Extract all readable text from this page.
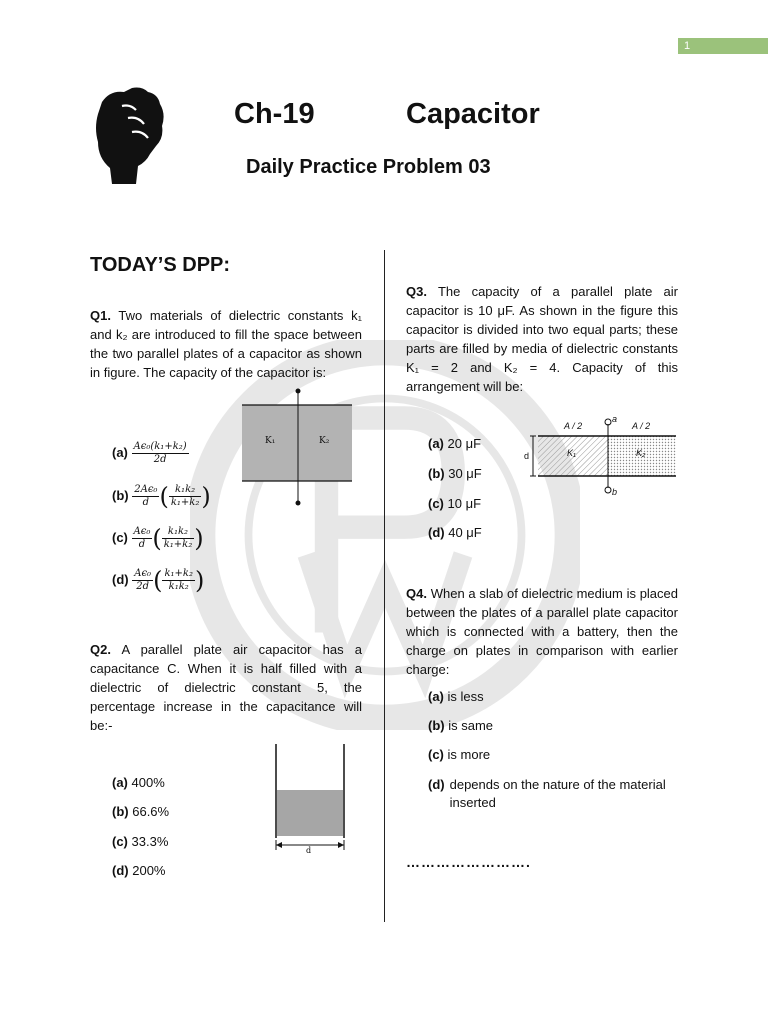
1
Ch-19	Capacitor
Daily Practice Problem 03
TODAY’S DPP:
Q1. Two materials of dielectric constants k₁ and k₂ are introduced to fill the space between the two parallel plates of a capacitor as shown in figure. The capacity of the capacitor is:
K₁	K₂
$(a) \frac{\text{Aϵ₀(k₁+k₂)}}{2d}$
$(b) \frac{\text{2Aϵ₀}}{d}$ ( $\frac{\text{k₁k₂}}{\text{k₁+k₂}}$ )
$(c) \frac{\text{Aϵ₀}}{d}$ ( $\frac{\text{k₁k₂}}{\text{k₁+k₂}}$ )
$(d) \frac{\text{Aϵ₀}}{2d}$ ( $\frac{\text{k₁+k₂}}{\text{k₁k₂}}$ )
Q2. A parallel plate air capacitor has a capacitance C. When it is half filled with a dielectric of dielectric constant 5, the percentage increase in the capacitance will be:-
d
(a) 400%
(b) 66.6%
(c) 33.3%
(d) 200%
Q3. The capacity of a parallel plate air capacitor is 10 μF. As shown in the figure this capacitor is divided into two equal parts; these parts are filled by media of dielectric constants K₁ = 2 and K₂ = 4. Capacity of this arrangement will be:
a
b
A / 2	A / 2
d	K₁	K₂
(a) 20 μF
(b) 30 μF
(c) 10 μF
(d) 40 μF
Q4. When a slab of dielectric medium is placed between the plates of a parallel plate capacitor which is connected with a battery, then the charge on plates in comparison with earlier charge:
(a) is less
(b) is same
(c) is more
(d) depends on the nature of the material inserted
…………………….
